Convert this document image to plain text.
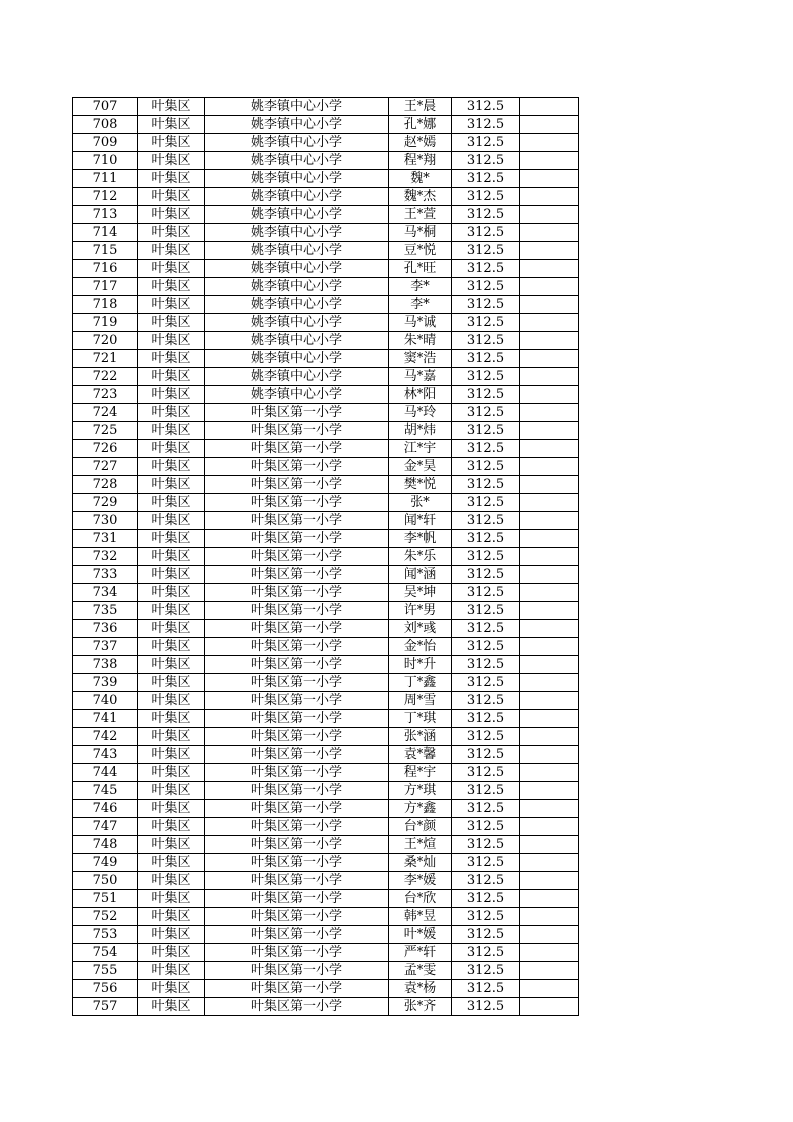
707	叶集区	姚李镇中心小学	王*晨	312.5	
708	叶集区	姚李镇中心小学	孔*娜	312.5	
709	叶集区	姚李镇中心小学	赵*嫣	312.5	
710	叶集区	姚李镇中心小学	程*翔	312.5	
711	叶集区	姚李镇中心小学	魏*	312.5	
712	叶集区	姚李镇中心小学	魏*杰	312.5	
713	叶集区	姚李镇中心小学	王*萱	312.5	
714	叶集区	姚李镇中心小学	马*桐	312.5	
715	叶集区	姚李镇中心小学	豆*悦	312.5	
716	叶集区	姚李镇中心小学	孔*旺	312.5	
717	叶集区	姚李镇中心小学	李*	312.5	
718	叶集区	姚李镇中心小学	李*	312.5	
719	叶集区	姚李镇中心小学	马*诚	312.5	
720	叶集区	姚李镇中心小学	朱*晴	312.5	
721	叶集区	姚李镇中心小学	窦*浩	312.5	
722	叶集区	姚李镇中心小学	马*嘉	312.5	
723	叶集区	姚李镇中心小学	林*阳	312.5	
724	叶集区	叶集区第一小学	马*玲	312.5	
725	叶集区	叶集区第一小学	胡*炜	312.5	
726	叶集区	叶集区第一小学	江*宇	312.5	
727	叶集区	叶集区第一小学	金*昊	312.5	
728	叶集区	叶集区第一小学	樊*悦	312.5	
729	叶集区	叶集区第一小学	张*	312.5	
730	叶集区	叶集区第一小学	闻*轩	312.5	
731	叶集区	叶集区第一小学	李*帆	312.5	
732	叶集区	叶集区第一小学	朱*乐	312.5	
733	叶集区	叶集区第一小学	闻*涵	312.5	
734	叶集区	叶集区第一小学	吴*坤	312.5	
735	叶集区	叶集区第一小学	许*男	312.5	
736	叶集区	叶集区第一小学	刘*彧	312.5	
737	叶集区	叶集区第一小学	金*怡	312.5	
738	叶集区	叶集区第一小学	时*升	312.5	
739	叶集区	叶集区第一小学	丁*鑫	312.5	
740	叶集区	叶集区第一小学	周*雪	312.5	
741	叶集区	叶集区第一小学	丁*琪	312.5	
742	叶集区	叶集区第一小学	张*涵	312.5	
743	叶集区	叶集区第一小学	袁*馨	312.5	
744	叶集区	叶集区第一小学	程*宇	312.5	
745	叶集区	叶集区第一小学	方*琪	312.5	
746	叶集区	叶集区第一小学	方*鑫	312.5	
747	叶集区	叶集区第一小学	台*颜	312.5	
748	叶集区	叶集区第一小学	王*煊	312.5	
749	叶集区	叶集区第一小学	桑*灿	312.5	
750	叶集区	叶集区第一小学	李*媛	312.5	
751	叶集区	叶集区第一小学	台*欣	312.5	
752	叶集区	叶集区第一小学	韩*昱	312.5	
753	叶集区	叶集区第一小学	叶*媛	312.5	
754	叶集区	叶集区第一小学	严*轩	312.5	
755	叶集区	叶集区第一小学	孟*雯	312.5	
756	叶集区	叶集区第一小学	袁*杨	312.5	
757	叶集区	叶集区第一小学	张*齐	312.5	
